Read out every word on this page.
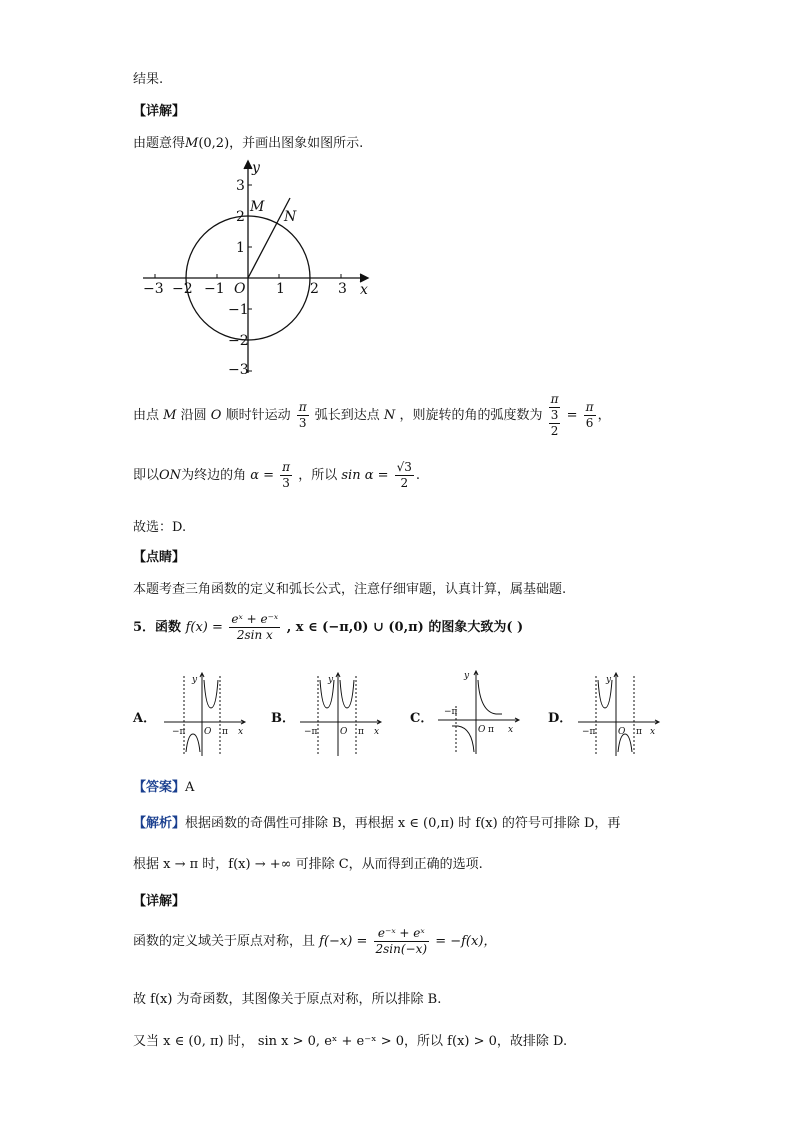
结果.
【详解】
由题意得M(0,2)，并画出图象如图所示.
−3 −2 −1	1 2 3
3
2
1
−1
−2
−3
O
M
N
x
y
由点 M 沿圆 O 顺时针运动 $\frac{\pi}{3}$ 弧长到达点 N ，则旋转的角的弧度数为 $\frac{\frac{\pi}{3}}{2} = \frac{\pi}{6}$ ，
即以ON为终边的角 $\alpha = \frac{\pi}{3}$ ，所以 $\sin \alpha = \frac{√3}{2}$ .
故选：D.
【点睛】
本题考查三角函数的定义和弧长公式，注意仔细审题，认真计算，属基础题.
5．函数 $f(x) = \frac{\text{eˣ + e⁻ˣ}}{\text{2sin x}}$ , x ∈ (−π,0) ∪ (0,π) 的图象大致为( )
A．	B．	C．	D．
y
−π O π x
y
−π	O π x
y
−π
O π x
y
−π	O π x
【答案】A
【解析】根据函数的奇偶性可排除 B，再根据 x ∈ (0,π) 时 f(x) 的符号可排除 D，再
根据 x → π 时，f(x) → +∞ 可排除 C，从而得到正确的选项.
【详解】
函数的定义域关于原点对称，且 $f(-x) = \frac{\text{e⁻ˣ + eˣ}}{2\sin(-x)} = -f(x)$，
故 f(x) 为奇函数，其图像关于原点对称，所以排除 B.
又当 x ∈ (0, π) 时， sin x > 0, eˣ + e⁻ˣ > 0，所以 f(x) > 0，故排除 D.
